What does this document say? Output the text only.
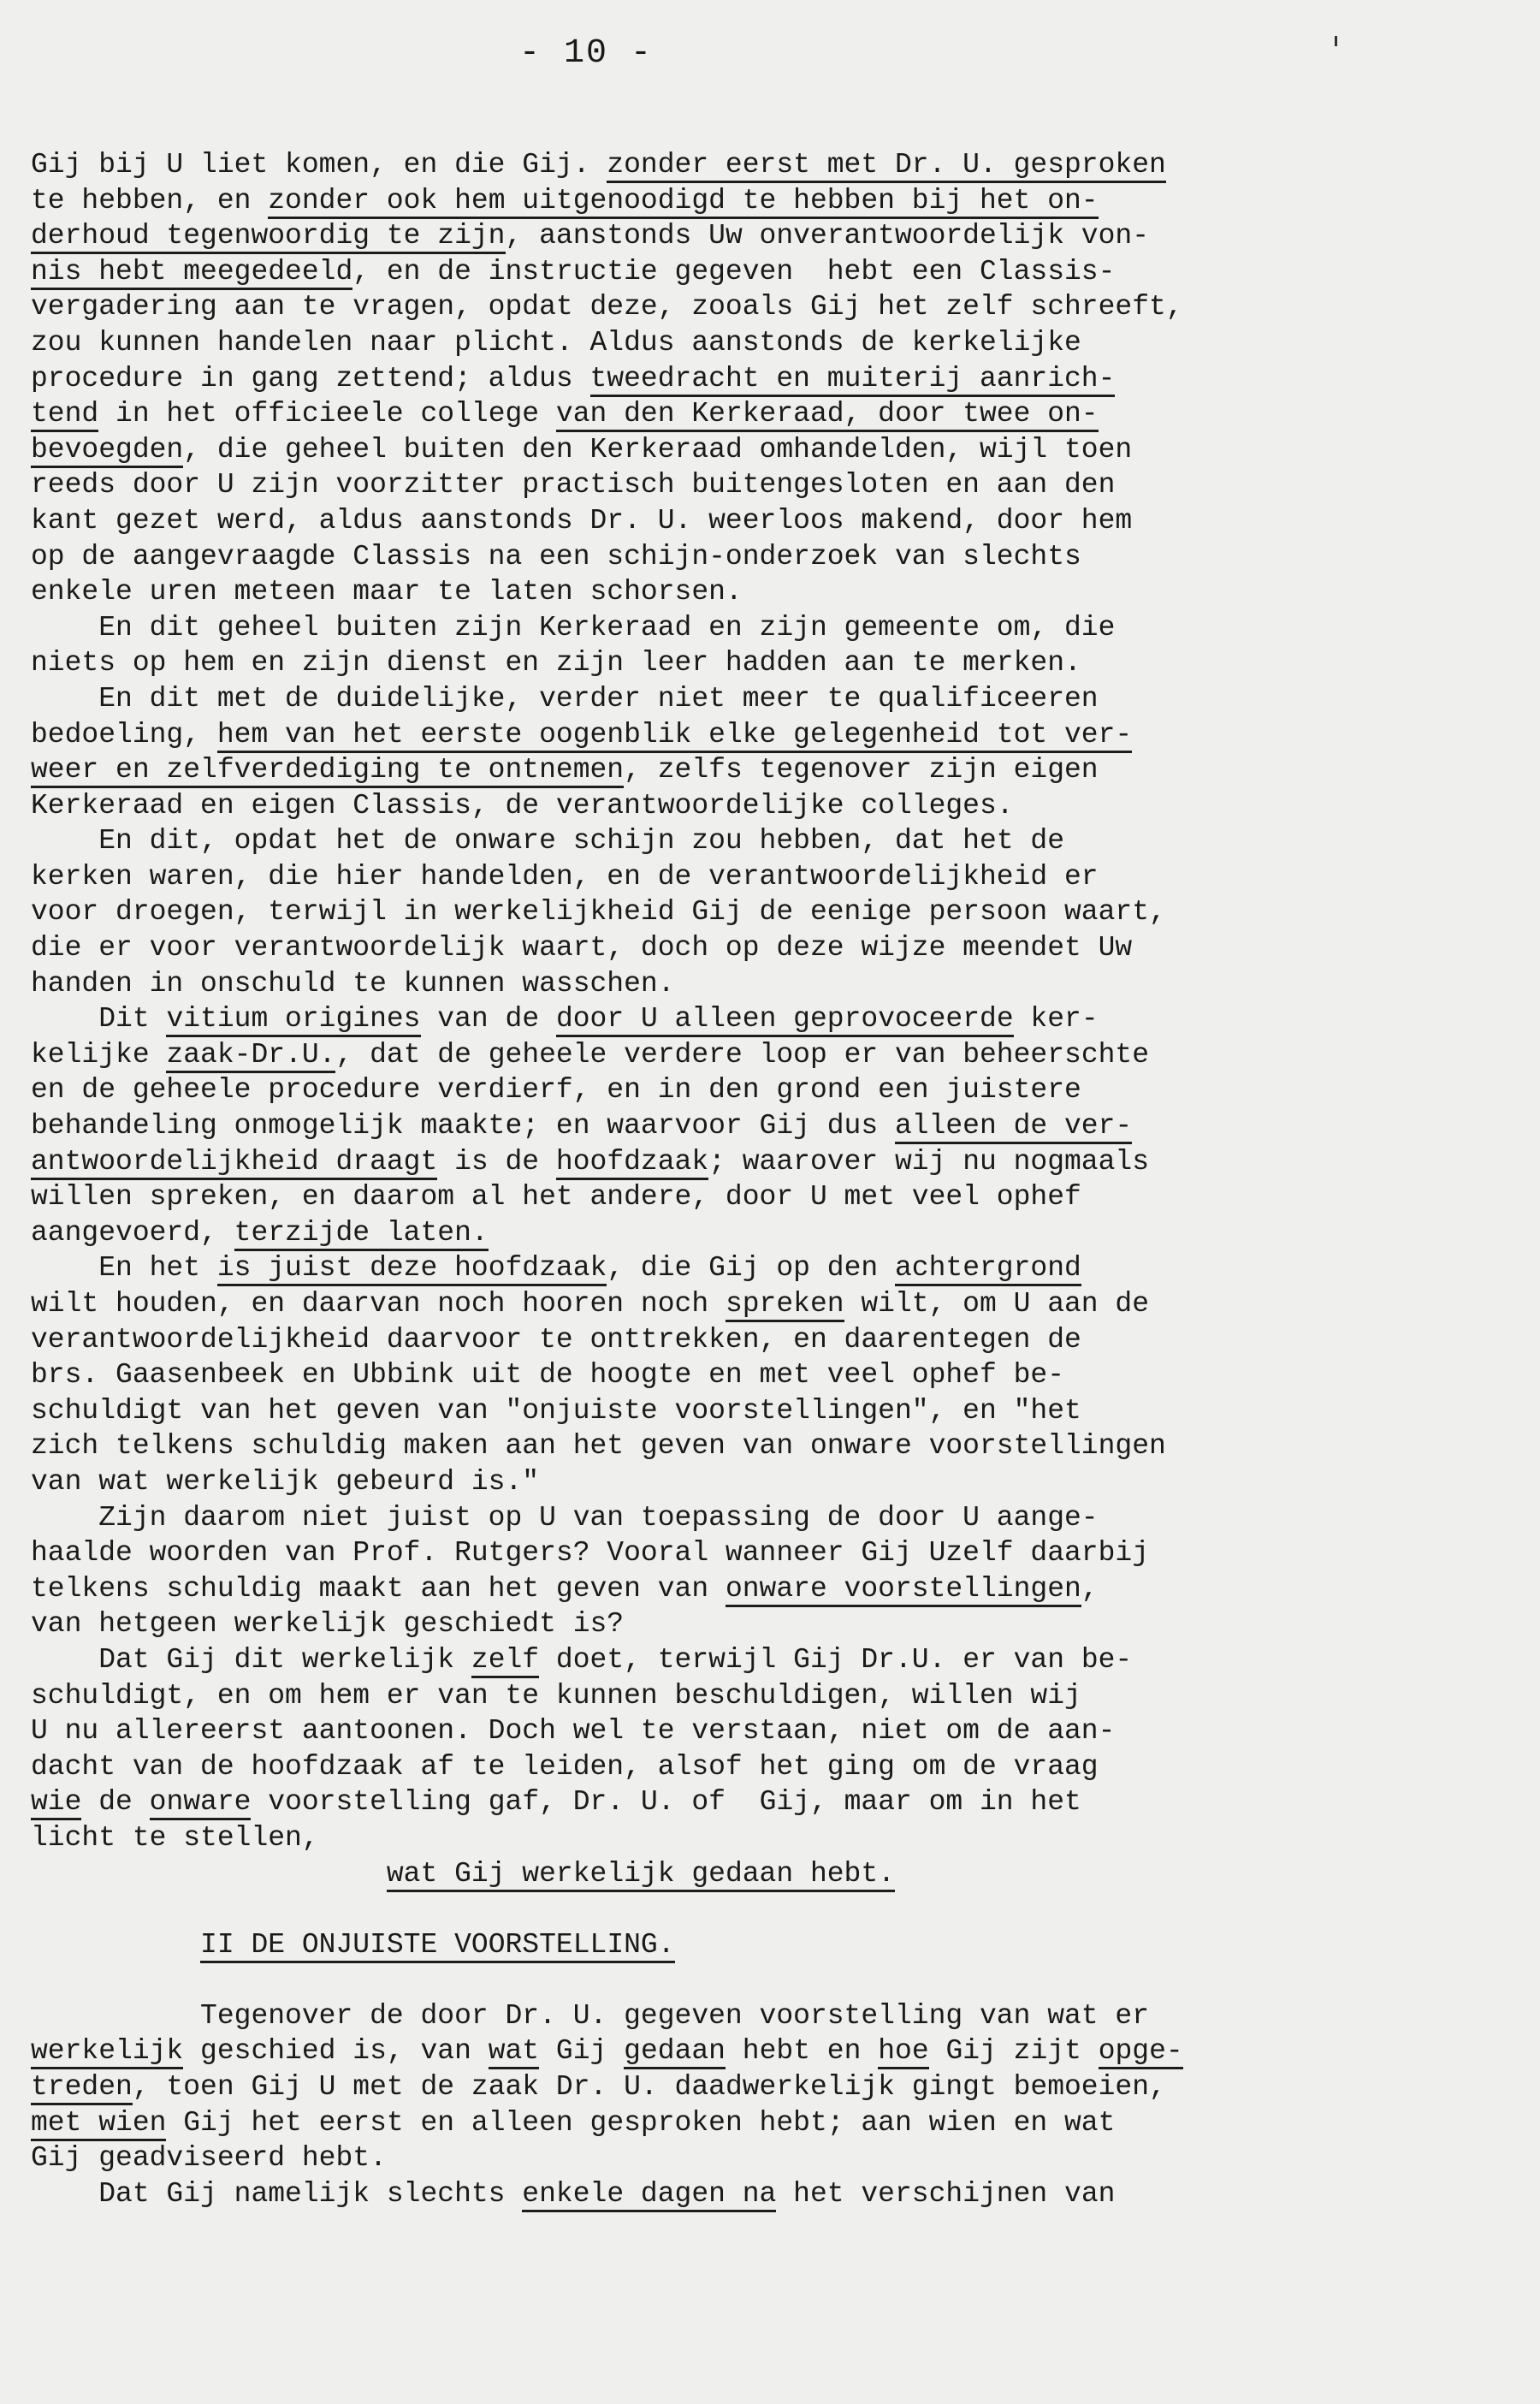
- 10 -
Gij bij U liet komen, en die Gij. zonder eerst met Dr. U. gesproken
te hebben, en zonder ook hem uitgenoodigd te hebben bij het on-
derhoud tegenwoordig te zijn, aanstonds Uw onverantwoordelijk von-
nis hebt meegedeeld, en de instructie gegeven  hebt een Classis-
vergadering aan te vragen, opdat deze, zooals Gij het zelf schreeft,
zou kunnen handelen naar plicht. Aldus aanstonds de kerkelijke
procedure in gang zettend; aldus tweedracht en muiterij aanrich-
tend in het officieele college van den Kerkeraad, door twee on-
bevoegden, die geheel buiten den Kerkeraad omhandelden, wijl toen
reeds door U zijn voorzitter practisch buitengesloten en aan den
kant gezet werd, aldus aanstonds Dr. U. weerloos makend, door hem
op de aangevraagde Classis na een schijn-onderzoek van slechts
enkele uren meteen maar te laten schorsen.
En dit geheel buiten zijn Kerkeraad en zijn gemeente om, die
niets op hem en zijn dienst en zijn leer hadden aan te merken.
En dit met de duidelijke, verder niet meer te qualificeeren
bedoeling, hem van het eerste oogenblik elke gelegenheid tot ver-
weer en zelfverdediging te ontnemen, zelfs tegenover zijn eigen
Kerkeraad en eigen Classis, de verantwoordelijke colleges.
En dit, opdat het de onware schijn zou hebben, dat het de
kerken waren, die hier handelden, en de verantwoordelijkheid er
voor droegen, terwijl in werkelijkheid Gij de eenige persoon waart,
die er voor verantwoordelijk waart, doch op deze wijze meendet Uw
handen in onschuld te kunnen wasschen.
Dit vitium origines van de door U alleen geprovoceerde ker-
kelijke zaak-Dr.U., dat de geheele verdere loop er van beheerschte
en de geheele procedure verdierf, en in den grond een juistere
behandeling onmogelijk maakte; en waarvoor Gij dus alleen de ver-
antwoordelijkheid draagt is de hoofdzaak; waarover wij nu nogmaals
willen spreken, en daarom al het andere, door U met veel ophef
aangevoerd, terzijde laten.
En het is juist deze hoofdzaak, die Gij op den achtergrond
wilt houden, en daarvan noch hooren noch spreken wilt, om U aan de
verantwoordelijkheid daarvoor te onttrekken, en daarentegen de
brs. Gaasenbeek en Ubbink uit de hoogte en met veel ophef be-
schuldigt van het geven van "onjuiste voorstellingen", en "het
zich telkens schuldig maken aan het geven van onware voorstellingen
van wat werkelijk gebeurd is."
Zijn daarom niet juist op U van toepassing de door U aange-
haalde woorden van Prof. Rutgers? Vooral wanneer Gij Uzelf daarbij
telkens schuldig maakt aan het geven van onware voorstellingen,
van hetgeen werkelijk geschiedt is?
Dat Gij dit werkelijk zelf doet, terwijl Gij Dr.U. er van be-
schuldigt, en om hem er van te kunnen beschuldigen, willen wij
U nu allereerst aantoonen. Doch wel te verstaan, niet om de aan-
dacht van de hoofdzaak af te leiden, alsof het ging om de vraag
wie de onware voorstelling gaf, Dr. U. of  Gij, maar om in het
licht te stellen,
wat Gij werkelijk gedaan hebt.
II DE ONJUISTE VOORSTELLING.
Tegenover de door Dr. U. gegeven voorstelling van wat er
werkelijk geschied is, van wat Gij gedaan hebt en hoe Gij zijt opge-
treden, toen Gij U met de zaak Dr. U. daadwerkelijk gingt bemoeien,
met wien Gij het eerst en alleen gesproken hebt; aan wien en wat
Gij geadviseerd hebt.
Dat Gij namelijk slechts enkele dagen na het verschijnen van
